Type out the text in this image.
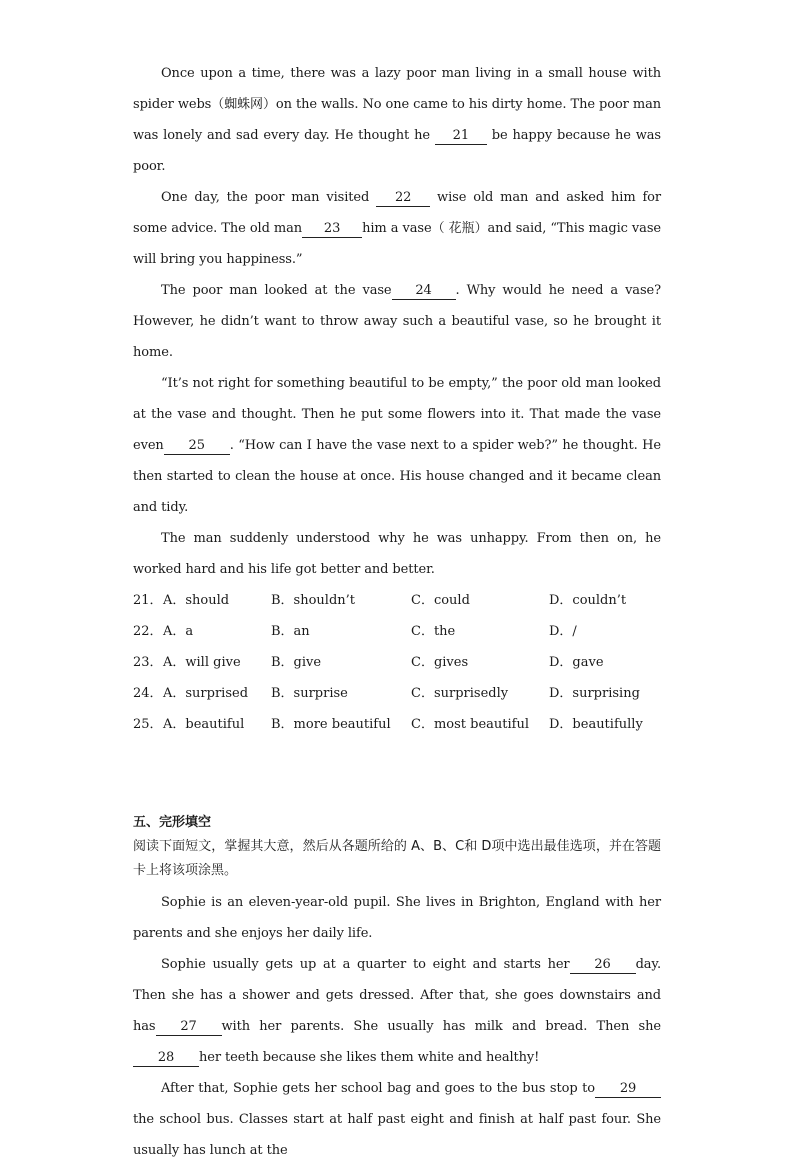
Once upon a time, there was a lazy poor man living in a small house with spider webs（蜘蛛网）on the walls. No one came to his dirty home. The poor man was lonely and sad every day. He thought he 21 be happy because he was poor.

One day, the poor man visited 22 wise old man and asked him for some advice. The old man 23 him a vase（ 花瓶）and said, “This magic vase will bring you happiness.”

The poor man looked at the vase 24 . Why would he need a vase? However, he didn’t want to throw away such a beautiful vase, so he brought it home.

“It’s not right for something beautiful to be empty,” the poor old man looked at the vase and thought. Then he put some flowers into it. That made the vase even 25 . “How can I have the vase next to a spider web?” he thought. He then started to clean the house at once. His house changed and it became clean and tidy.

The man suddenly understood why he was unhappy. From then on, he worked hard and his life got better and better.

21． A．should	B．shouldn’t	C．could	D．couldn’t
22． A．a	B．an	C．the	D．/
23． A．will give	B．give	C．gives	D．gave
24． A．surprised	B．surprise	C．surprisedly	D．surprising
25． A．beautiful	B．more beautiful	C．most beautiful	D．beautifully
五、完形填空

阅读下面短文，掌握其大意，然后从各题所给的 A、B、C和 D项中选出最佳选项，并在答题卡上将该项涂黑。

Sophie is an eleven-year-old pupil. She lives in Brighton, England with her parents and she enjoys her daily life.

Sophie usually gets up at a quarter to eight and starts her 26 day. Then she has a shower and gets dressed. After that, she goes downstairs and has 27 with her parents. She usually has milk and bread. Then she28 her teeth because she likes them white and healthy!

After that, Sophie gets her school bag and goes to the bus stop to 29the school bus. Classes start at half past eight and finish at half past four. She usually has lunch at the
